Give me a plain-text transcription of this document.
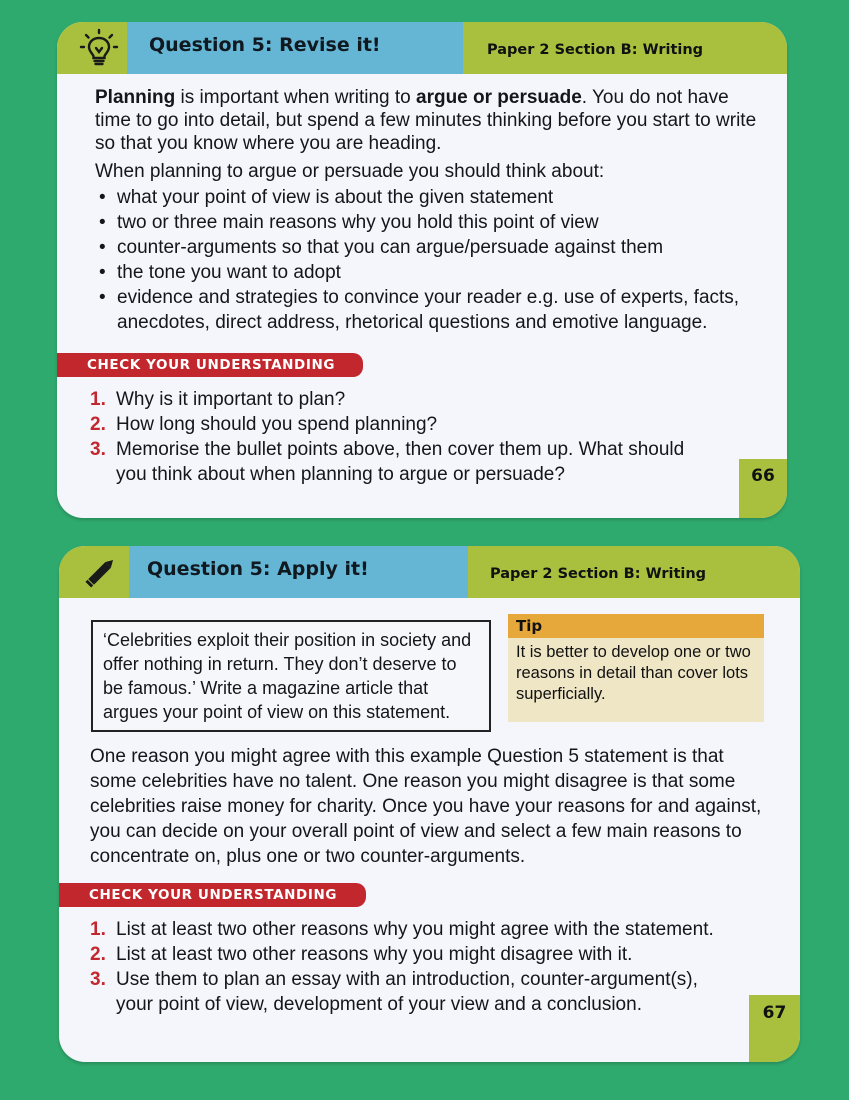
Question 5: Revise it!	Paper 2 Section B: Writing

Planning is important when writing to argue or persuade. You do not have time to go into detail, but spend a few minutes thinking before you start to write so that you know where you are heading.

When planning to argue or persuade you should think about:

• what your point of view is about the given statement
• two or three main reasons why you hold this point of view
• counter-arguments so that you can argue/persuade against them
• the tone you want to adopt
• evidence and strategies to convince your reader e.g. use of experts, facts, anecdotes, direct address, rhetorical questions and emotive language.
CHECK YOUR UNDERSTANDING
1. Why is it important to plan?
2. How long should you spend planning?
3. Memorise the bullet points above, then cover them up. What should you think about when planning to argue or persuade?	66
Question 5: Apply it!	Paper 2 Section B: Writing
‘Celebrities exploit their position in society and offer nothing in return. They don’t deserve to be famous.’ Write a magazine article that argues your point of view on this statement.
Tip
It is better to develop one or two reasons in detail than cover lots superficially.
One reason you might agree with this example Question 5 statement is that some celebrities have no talent. One reason you might disagree is that some celebrities raise money for charity. Once you have your reasons for and against, you can decide on your overall point of view and select a few main reasons to concentrate on, plus one or two counter-arguments.
CHECK YOUR UNDERSTANDING
1. List at least two other reasons why you might agree with the statement.
2. List at least two other reasons why you might disagree with it.
3. Use them to plan an essay with an introduction, counter-argument(s), your point of view, development of your view and a conclusion.	67
